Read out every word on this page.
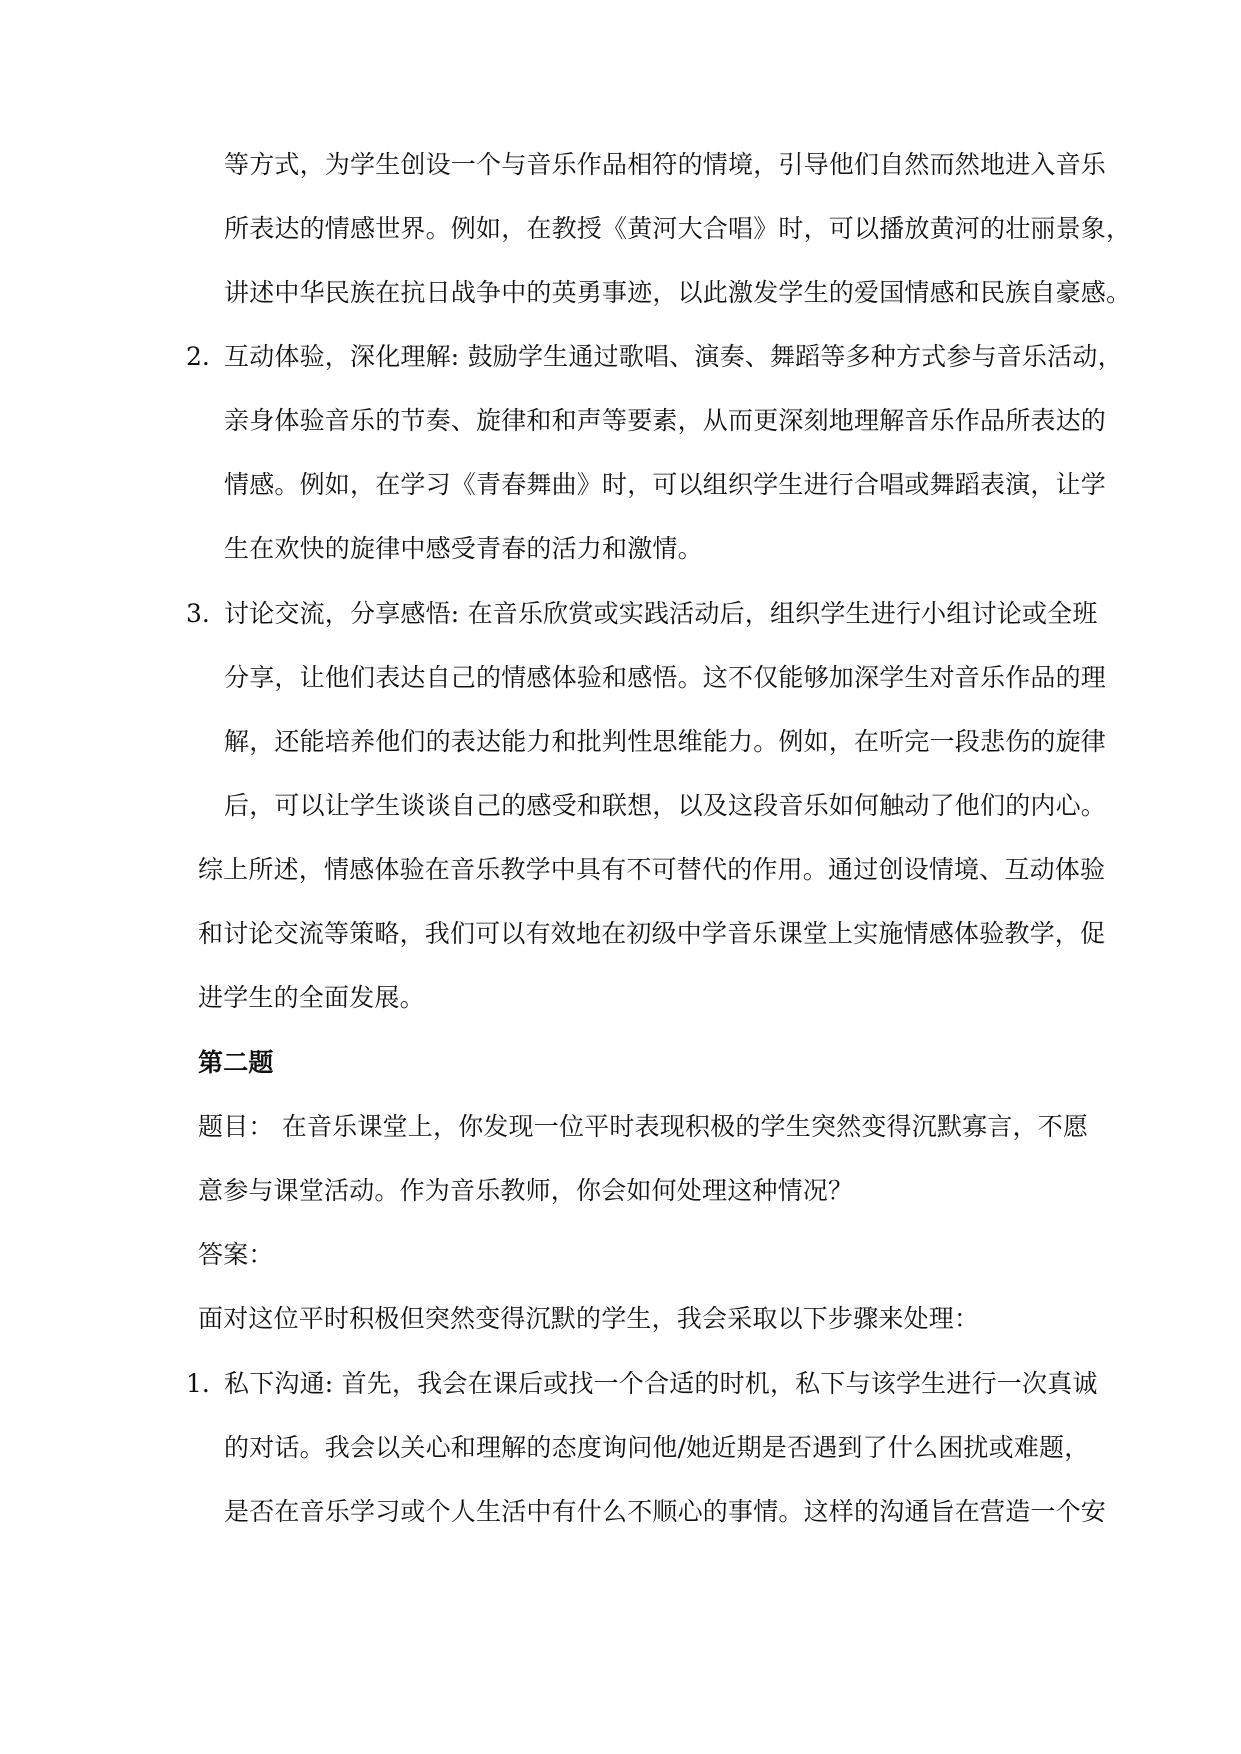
等方式，为学生创设一个与音乐作品相符的情境，引导他们自然而然地进入音乐
所表达的情感世界。例如，在教授《黄河大合唱》时，可以播放黄河的壮丽景象，
讲述中华民族在抗日战争中的英勇事迹，以此激发学生的爱国情感和民族自豪感。
2. 互动体验，深化理解: 鼓励学生通过歌唱、演奏、舞蹈等多种方式参与音乐活动，
亲身体验音乐的节奏、旋律和和声等要素，从而更深刻地理解音乐作品所表达的
情感。例如，在学习《青春舞曲》时，可以组织学生进行合唱或舞蹈表演，让学
生在欢快的旋律中感受青春的活力和激情。
3. 讨论交流，分享感悟: 在音乐欣赏或实践活动后，组织学生进行小组讨论或全班
分享，让他们表达自己的情感体验和感悟。这不仅能够加深学生对音乐作品的理
解，还能培养他们的表达能力和批判性思维能力。例如，在听完一段悲伤的旋律
后，可以让学生谈谈自己的感受和联想，以及这段音乐如何触动了他们的内心。
综上所述，情感体验在音乐教学中具有不可替代的作用。通过创设情境、互动体验
和讨论交流等策略，我们可以有效地在初级中学音乐课堂上实施情感体验教学，促
进学生的全面发展。
第二题
题目： 在音乐课堂上，你发现一位平时表现积极的学生突然变得沉默寡言，不愿
意参与课堂活动。作为音乐教师，你会如何处理这种情况？
答案：
面对这位平时积极但突然变得沉默的学生，我会采取以下步骤来处理：
1. 私下沟通: 首先，我会在课后或找一个合适的时机，私下与该学生进行一次真诚
的对话。我会以关心和理解的态度询问他/她近期是否遇到了什么困扰或难题，
是否在音乐学习或个人生活中有什么不顺心的事情。这样的沟通旨在营造一个安
